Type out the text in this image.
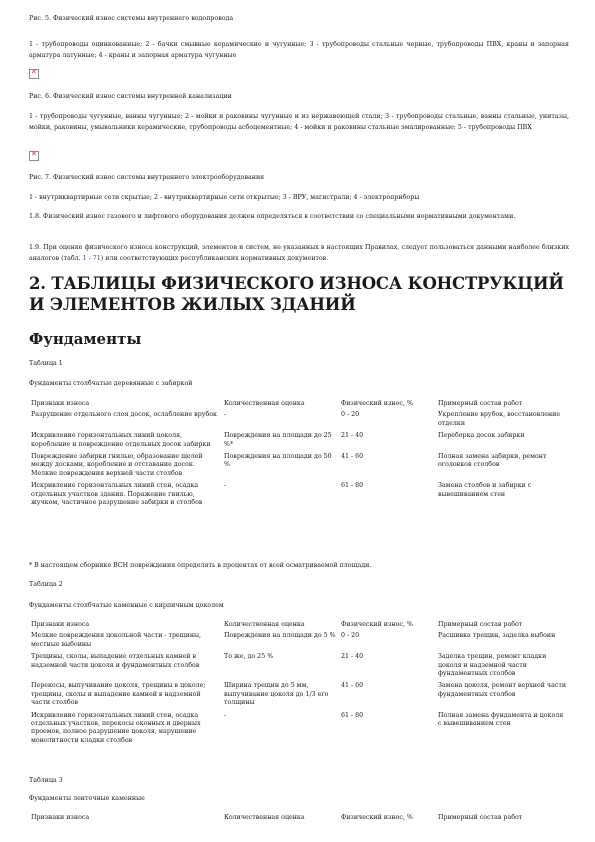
Рис. 5. Физический износ системы внутреннего водопровода

1 - трубопроводы оцинкованные; 2 - бачки смывные керамические и чугунные; 3 - трубопроводы стальные черные, трубопроводы ПВХ, краны и запорная арматура латунные; 4 - краны и запорная арматура чугунные

✕

Рис. 6. Физический износ системы внутренней канализации

1 - трубопроводы чугунные, ванны чугунные; 2 - мойки и раковины чугунные и из нержавеющей стали; 3 - трубопроводы стальные, ванны стальные, унитазы, мойки, раковины, умывальники керамические, трубопроводы асбоцементные; 4 - мойки и раковины стальные эмалированные; 5 - трубопроводы ПВХ

✕

Рис. 7. Физический износ системы внутреннего электрооборудования

1 - внутриквартирные сети скрытые; 2 - внутриквартирные сети открытые; 3 - ВРУ, магистрали; 4 - электроприборы

1.8. Физический износ газового и лифтового оборудования должен определяться в соответствии со специальными нормативными документами.

1.9. При оценке физического износа конструкций, элементов и систем, не указанных в настоящих Правилах, следует пользоваться данными наиболее близких аналогов (табл. 1 - 71) или соответствующих республиканских нормативных документов.

2. ТАБЛИЦЫ ФИЗИЧЕСКОГО ИЗНОСА КОНСТРУКЦИЙ И ЭЛЕМЕНТОВ ЖИЛЫХ ЗДАНИЙ
Фундаменты

Таблица 1

Фундаменты столбчатые деревянные с забиркой

Признаки износа	Количественная оценка	Физический износ, %	Примерный состав работ
Разрушение отдельного слоя досок, ослабление врубок	-	0 - 20	Укрепление врубок, восстановление отделки
Искривление горизонтальных линий цоколя, коробление и повреждение отдельных досок забирки	Повреждения на площади до 25 %*	21 - 40	Переборка досок забирки
Повреждение забирки гнилью, образование щелей между досками, коробление и отставание досок. Мелкие повреждения верхней части столбов	Повреждения на площади до 50 %	41 - 60	Полная замена забирки, ремонт оголовков столбов
Искривление горизонтальных линий стен, осадка отдельных участков здания. Поражение гнилью, жучком, частичное разрушение забирки и столбов	-	61 - 80	Замена столбов и забирки с вывешиванием стен

* В настоящем сборнике ВСН повреждения определять в процентах от всей осматриваемой площади.

Таблица 2

Фундаменты столбчатые каменные с кирпичным цоколем

Признаки износа	Количественная оценка	Физический износ, %	Примерный состав работ
Мелкие повреждения цокольной части - трещины, местные выбоины	Повреждения на площади до 5 %	0 - 20	Расшивка трещин, заделка выбоин
Трещины, сколы, выпадение отдельных камней в надземной части цоколя и фундаментных столбов	То же, до 25 %	21 - 40	Заделка трещин, ремонт кладки цоколя и надземной части фундаментных столбов
Перекосы, выпучивание цоколя, трещины в цоколе; трещины, сколы и выпадение камней в надземной части столбов	Ширина трещин до 5 мм, выпучивание цоколя до 1/3 его толщины	41 - 60	Замена цоколя, ремонт верхней части фундаментных столбов
Искривление горизонтальных линий стен, осадка отдельных участков, перекосы оконных и дверных проемов, полное разрушение цоколя, нарушение монолитности кладки столбов	-	61 - 80	Полная замена фундамента и цоколя с вывешиванием стен

Таблица 3

Фундаменты ленточные каменные

Признаки износа	Количественная оценка	Физический износ, %	Примерный состав работ
